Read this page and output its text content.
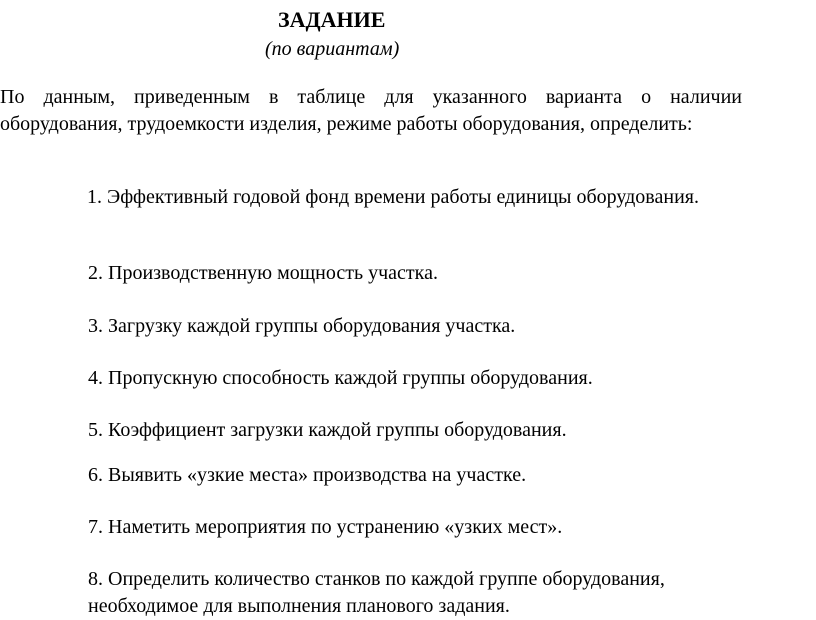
ЗАДАНИЕ
(по вариантам)

По данным, приведенным в таблице для указанного варианта о наличии оборудования, трудоемкости изделия, режиме работы оборудования, определить:

1. Эффективный годовой фонд времени работы единицы оборудования.

2. Производственную мощность участка.

3. Загрузку каждой группы оборудования участка.

4. Пропускную способность каждой группы оборудования.

5. Коэффициент загрузки каждой группы оборудования.

6. Выявить «узкие места» производства на участке.

7. Наметить мероприятия по устранению «узких мест».

8. Определить количество станков по каждой группе оборудования, необходимое для выполнения планового задания.
